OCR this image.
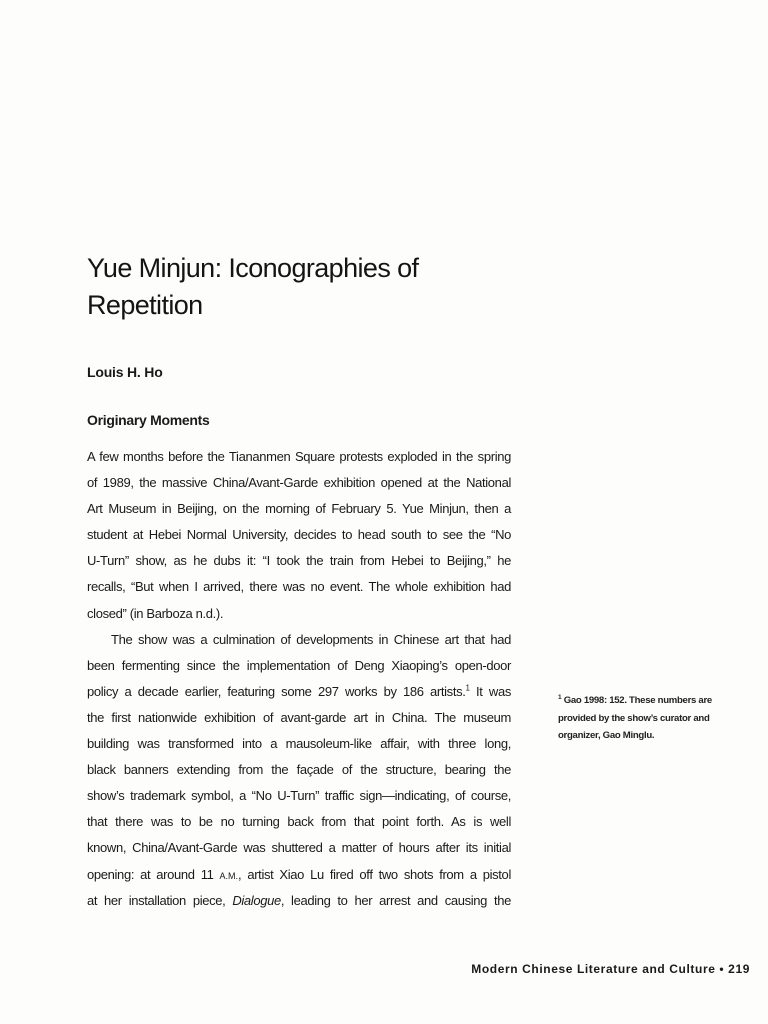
Yue Minjun: Iconographies of
Repetition

Louis H. Ho

Originary Moments
A few months before the Tiananmen Square protests exploded in the spring
of 1989, the massive China/Avant-Garde exhibition opened at the National
Art Museum in Beijing, on the morning of February 5. Yue Minjun, then a
student at Hebei Normal University, decides to head south to see the “No
U-Turn” show, as he dubs it: “I took the train from Hebei to Beijing,” he
recalls, “But when I arrived, there was no event. The whole exhibition had
closed” (in Barboza n.d.).
The show was a culmination of developments in Chinese art that had
been fermenting since the implementation of Deng Xiaoping’s open-door
policy a decade earlier, featuring some 297 works by 186 artists.$^1$ It was
the first nationwide exhibition of avant-garde art in China. The museum
building was transformed into a mausoleum-like affair, with three long,
black banners extending from the façade of the structure, bearing the
show’s trademark symbol, a “No U-Turn” traffic sign—indicating, of course,
that there was to be no turning back from that point forth. As is well
known, China/Avant-Garde was shuttered a matter of hours after its initial
opening: at around 11 A.M., artist Xiao Lu fired off two shots from a pistol
at her installation piece, Dialogue, leading to her arrest and causing the
$^1$ Gao 1998: 152. These numbers are provided by the show’s curator and organizer, Gao Minglu.
Modern Chinese Literature and Culture • 219
